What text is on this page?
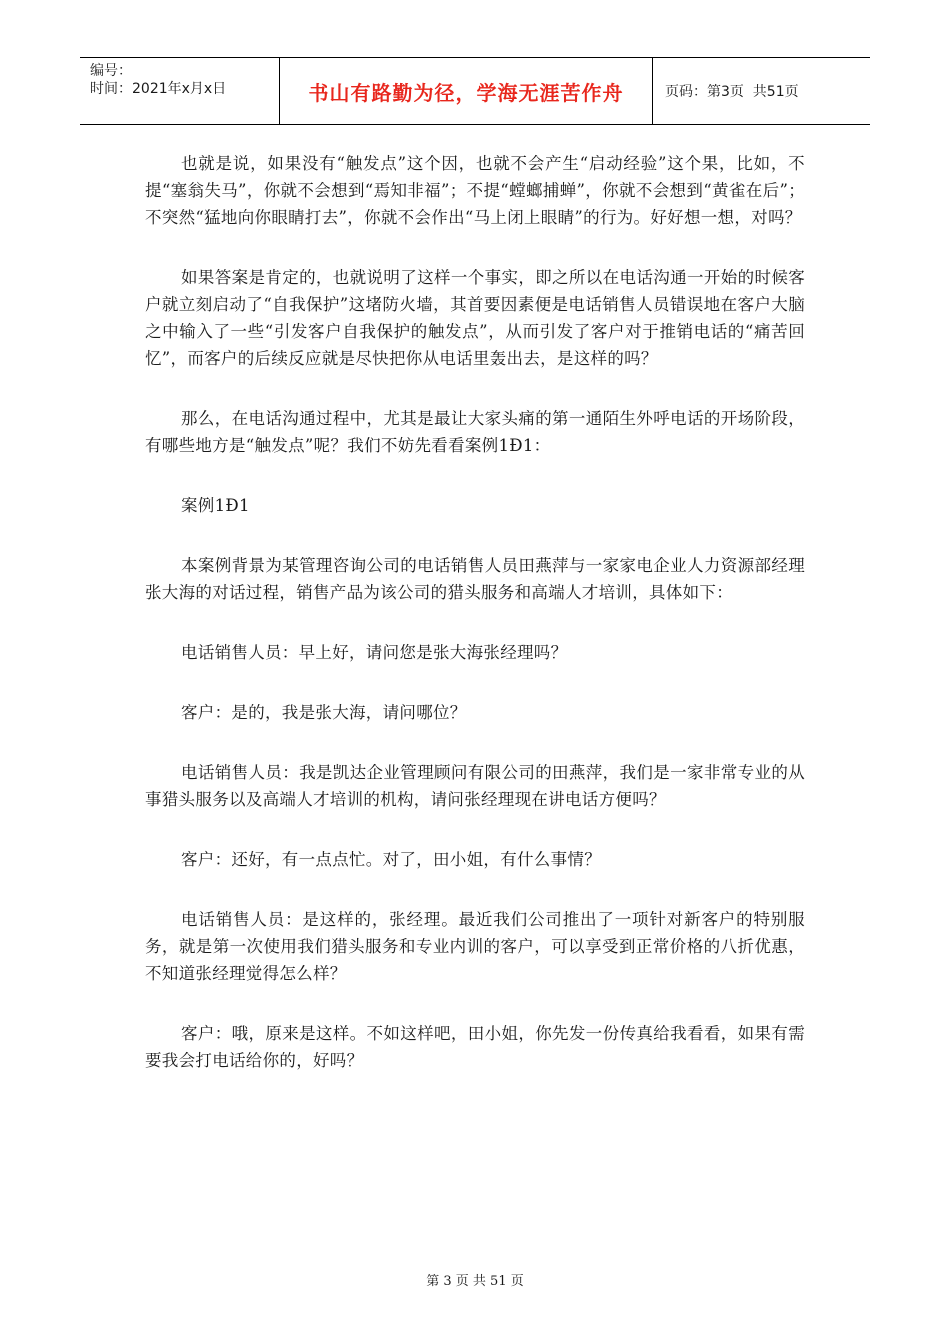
编号：
时间：2021年x月x日	书山有路勤为径，学海无涯苦作舟	页码：第3页  共51页

也就是说，如果没有“触发点”这个因，也就不会产生“启动经验”这个果，比如，不提“塞翁失马”，你就不会想到“焉知非福”；不提“螳螂捕蝉”，你就不会想到“黄雀在后”；不突然“猛地向你眼睛打去”，你就不会作出“马上闭上眼睛”的行为。好好想一想，对吗？

如果答案是肯定的，也就说明了这样一个事实，即之所以在电话沟通一开始的时候客户就立刻启动了“自我保护”这堵防火墙，其首要因素便是电话销售人员错误地在客户大脑之中输入了一些“引发客户自我保护的触发点”，从而引发了客户对于推销电话的“痛苦回忆”，而客户的后续反应就是尽快把你从电话里轰出去，是这样的吗？

那么，在电话沟通过程中，尤其是最让大家头痛的第一通陌生外呼电话的开场阶段，有哪些地方是“触发点”呢？我们不妨先看看案例1Ð1：

案例1Ð1

本案例背景为某管理咨询公司的电话销售人员田燕萍与一家家电企业人力资源部经理张大海的对话过程，销售产品为该公司的猎头服务和高端人才培训，具体如下：

电话销售人员：早上好，请问您是张大海张经理吗？

客户：是的，我是张大海，请问哪位？

电话销售人员：我是凯达企业管理顾问有限公司的田燕萍，我们是一家非常专业的从事猎头服务以及高端人才培训的机构，请问张经理现在讲电话方便吗？

客户：还好，有一点点忙。对了，田小姐，有什么事情？

电话销售人员：是这样的，张经理。最近我们公司推出了一项针对新客户的特别服务，就是第一次使用我们猎头服务和专业内训的客户，可以享受到正常价格的八折优惠，不知道张经理觉得怎么样？

客户：哦，原来是这样。不如这样吧，田小姐，你先发一份传真给我看看，如果有需要我会打电话给你的，好吗？

第 3 页 共 51 页
